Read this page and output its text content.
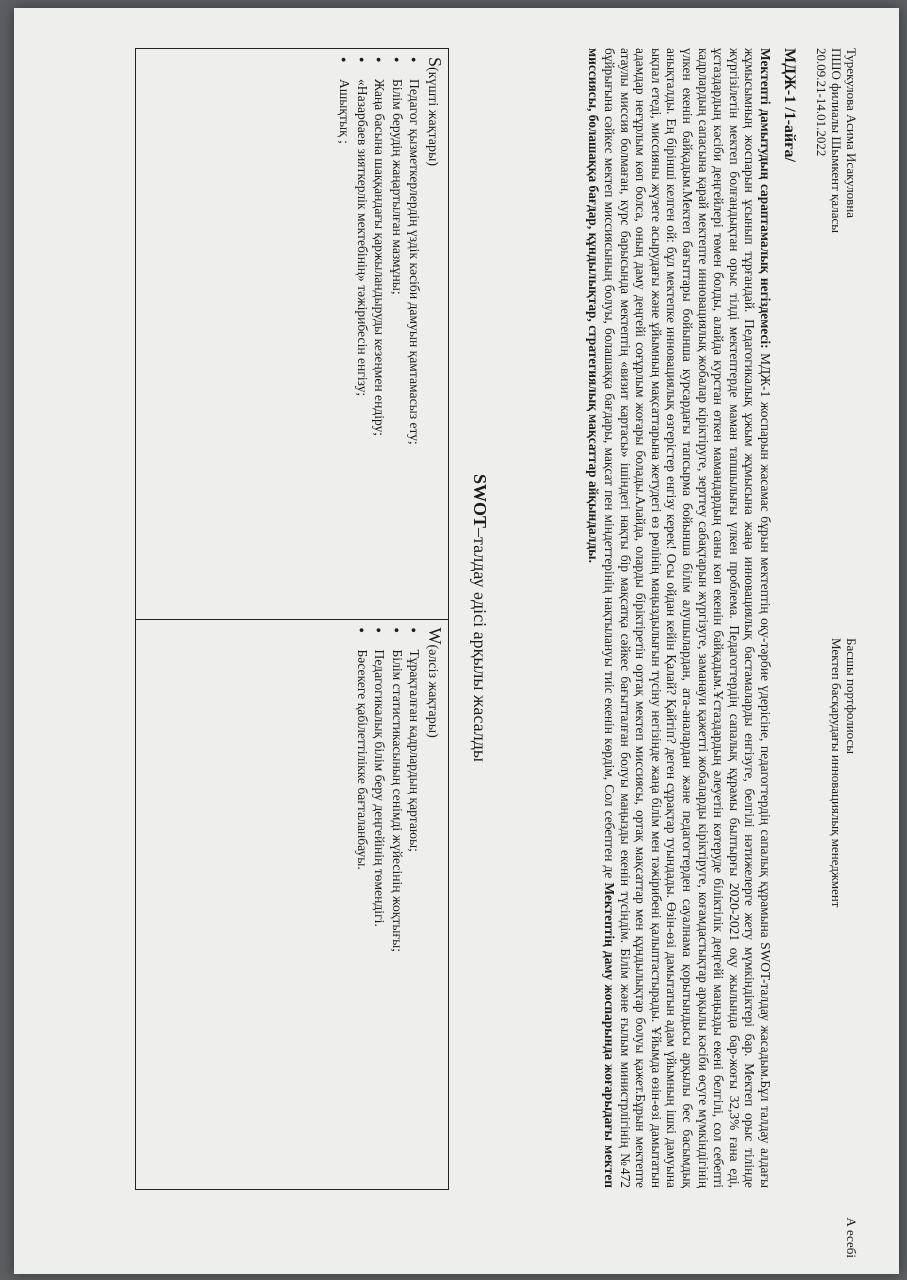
Турекулова Асима Исакуловна
ПШО филиалы Шымкент қаласы
20.09.21-14.01.2022
Басшы портфолиосы
Мектеп басқарудағы инновациялық менеджмент
А есебі
МДЖ-1 /1-айға/

Мектепті дамытудың сараптамалық негіздемесі: МДЖ-1 жоспарын жасамас бұрын мектептің оқу-тәрбие үдерісіне, педагогтердің сапалық құрамына SWOT-талдау жасадым.Бұл талдау алдағы жұмысымның жоспарын ұсынып тұрғандай. Педагогикалық ұжым жұмысына жаңа инновациялық бастамаларды енгізуге, белгілі нәтижелерге жету мүмкіндіктері бар. Мектеп орыс тілінде жүргізілетін мектеп болғандықтан орыс тілді мектептерде маман тапшылығы үлкен проблема. Педагогтердің сапалық құрамы былтырғы 2020-2021 оқу жылында бар-жоғы 32,3% ғана еді, ұстаздардың кәсіби деңгейлері төмен болды, алайда курстан өткен мамандардың саны көп екенін байқадым.Ұстаздардың әлеуетін көтеруде біліктілік деңгейі маңызды екені белгілі, сол себепті кадрлардың сапасына қарай мектепте инновациялық жобалар кіріктіруге, зерттеу сабақтарын жүргізуге, заманауи қажетті жобаларды кіріктіруге, коғамдастықтар арқылы кәсіби өсуге мүмкіндігінің үлкен екенін байқадым.Мектеп бағыттары бойынша курсардағы тапсырма бойынша білім алушылардан, ата-аналардан және педагогтерден сауалнама қорытындысы арқылы бес басымдық анықталды. Ең бірінші келген ой: бұл мектепке инновациялық өзгерістер енгізу керек! Осы ойдан кейін Қалай? Қайтіп? деген сұрақтар туындады. Өзін-өзі дамытатын адам үйымның ішкі дамуына ықпал етеді, миссияны жүзеге асырудағы және ұйымның мақсаттарына жетудегі өз рөлінің маңыздылығын түсіну негізінде жаңа білім мен тәжірибені қалыптастырады. Ұйымда өзін-өзі дамытатын адамдар неғұрлым көп болса, оның даму деңгейі соғұрлым жоғары болады.Алайда, оларды біріктіретін ортақ мектеп миссиясы, ортақ мақсаттар мен құндылықтар болуы қажет.Бұрын мектепте атаулы миссия болмаған, курс барысында мектептің «визит картасы» ішіндегі нақты бір мақсатқа сәйкес бағытталған болуы маңызды екенін түсіндім. Білім және ғылым министрлігінің №472 бұйрығына сәйкес мектеп миссиясының болуы, болашаққа бағдары, мақсат пен міндеттерінің нақтылануы тиіс екенін көрдім, Сол себептен де Мектептің даму жоспарында жоғарыдағы мектеп миссиясы, болашаққа бағдар, құндылықтар, стратегиялық мақсаттар айқындалды.

SWOT–талдау әдісі арқылы жасалды
S(күшті жақтары)
● Педагог қызметкерлердің үздік кәсіби дамуын қамтамасыз ету;
● Білім берудің жаңартылған мазмұны;
● Жаңа басына шаққандағы қаржыландыруды кезеңмен ендіру;
● «Назарбаев зияткерлік мектебінің» тәжірибесін енгізу;
● Ашықтық ;
W(әлсіз жақтары)
● Тұрақталған кадрлардың қартаюы;
● Білім статистикасының сенімді жүйесінің жоқтығы;
● Педагогикалық білім беру деңгейінің төмендігі.
● Бәсекеге қабілеттілікке бағталанбауы.
